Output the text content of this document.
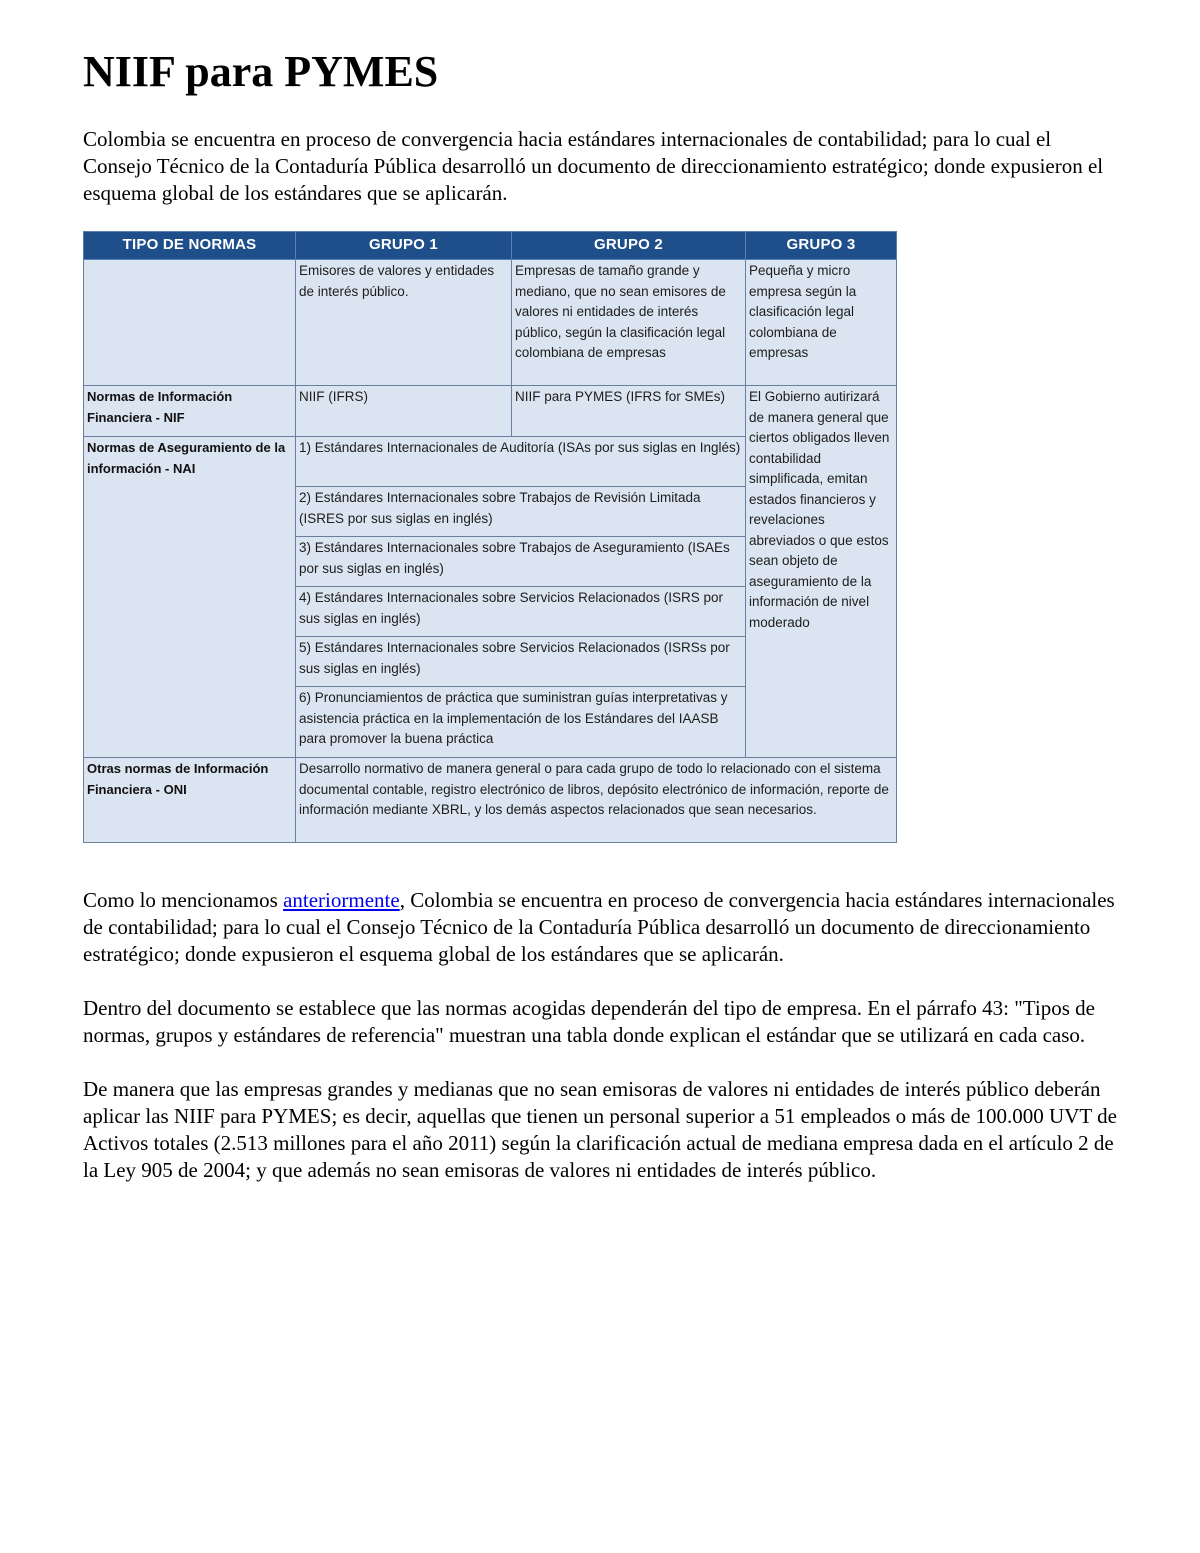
NIIF para PYMES

Colombia se encuentra en proceso de convergencia hacia estándares internacionales de contabilidad; para lo cual el Consejo Técnico de la Contaduría Pública desarrolló un documento de direccionamiento estratégico; donde expusieron el esquema global de los estándares que se aplicarán.

TIPO DE NORMAS	GRUPO 1	GRUPO 2	GRUPO 3
	Emisores de valores y entidades de interés público.	Empresas de tamaño grande y mediano, que no sean emisores de valores ni entidades de interés público, según la clasificación legal colombiana de empresas	Pequeña y micro empresa según la clasificación legal colombiana de empresas
Normas de Información Financiera - NIF	NIIF (IFRS)	NIIF para PYMES (IFRS for SMEs)	El Gobierno autirizará de manera general que ciertos obligados lleven contabilidad simplificada, emitan estados financieros y revelaciones abreviados o que estos sean objeto de aseguramiento de la información de nivel moderado
Normas de Aseguramiento de la información - NAI	1) Estándares Internacionales de Auditoría (ISAs por sus siglas en Inglés)		
	2) Estándares Internacionales sobre Trabajos de Revisión Limitada (ISRES por sus siglas en inglés)		
	3) Estándares Internacionales sobre Trabajos de Aseguramiento (ISAEs por sus siglas en inglés)		
	4) Estándares Internacionales sobre Servicios Relacionados (ISRS por sus siglas en inglés)		
	5) Estándares Internacionales sobre Servicios Relacionados (ISRSs por sus siglas en inglés)		
	6) Pronunciamientos de práctica que suministran guías interpretativas y asistencia práctica en la implementación de los Estándares del IAASB para promover la buena práctica		
Otras normas de Información Financiera - ONI	Desarrollo normativo de manera general o para cada grupo de todo lo relacionado con el sistema documental contable, registro electrónico de libros, depósito electrónico de información, reporte de información mediante XBRL, y los demás aspectos relacionados que sean necesarios.		

Como lo mencionamos anteriormente, Colombia se encuentra en proceso de convergencia hacia estándares internacionales de contabilidad; para lo cual el Consejo Técnico de la Contaduría Pública desarrolló un documento de direccionamiento estratégico; donde expusieron el esquema global de los estándares que se aplicarán.

Dentro del documento se establece que las normas acogidas dependerán del tipo de empresa. En el párrafo 43: "Tipos de normas, grupos y estándares de referencia" muestran una tabla donde explican el estándar que se utilizará en cada caso.

De manera que las empresas grandes y medianas que no sean emisoras de valores ni entidades de interés público deberán aplicar las NIIF para PYMES; es decir, aquellas que tienen un personal superior a 51 empleados o más de 100.000 UVT de Activos totales (2.513 millones para el año 2011) según la clarificación actual de mediana empresa dada en el artículo 2 de la Ley 905 de 2004; y que además no sean emisoras de valores ni entidades de interés público.
